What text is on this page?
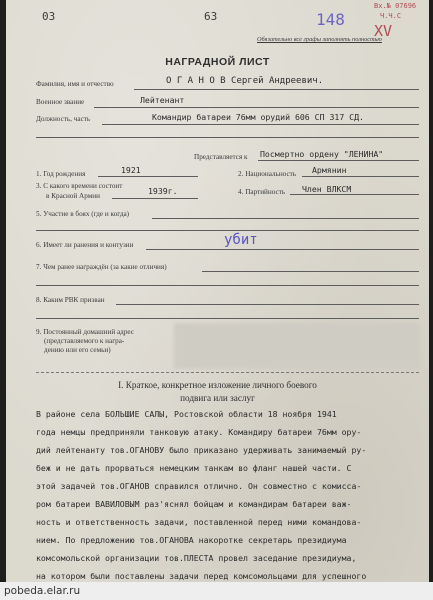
03	63
Обязательно все графы заполнять полностью
Вх.№ 07696
Ч.Ч.С
148
XV
НАГРАДНОЙ ЛИСТ
Фамилия, имя и отчество	О Г А Н О В Сергей Андреевич.
Военное звание	Лейтенант
Должность, часть	Командир батареи 76мм орудий 606 СП 317 СД.
Представляется к Посмертно ордену "ЛЕНИНА"
1. Год рождения	1921	2. Национальность Армянин
3. С какого времени состоит
в Красной Армии	1939г.	4. Партийность Член ВЛКСМ
5. Участие в боях (где и когда)
6. Имеет ли ранения и контузии	убит
7. Чем ранее награждён (за какие отличия)
8. Каким РВК призван
9. Постоянный домашний адрес
(представляемого к награ-
дению или его семьи)
I. Краткое, конкретное изложение личного боевого
подвига или заслуг
В районе села БОЛЬШИЕ САЛЫ, Ростовской области 18 ноября 1941
года немцы предприняли танковую атаку. Командиру батареи 76мм ору-
дий лейтенанту тов.ОГАНОВУ было приказано удерживать занимаемый ру-
беж и не дать прорваться немецким танкам во фланг нашей части. С
этой задачей тов.ОГАНОВ справился отлично. Он совместно с комисса-
ром батареи ВАВИЛОВЫМ раз'яснял бойцам и командирам батареи важ-
ность и ответственность задачи, поставленной перед ними командова-
нием. По предложению тов.ОГАНОВА накоротке секретарь президиума
комсомольской организации тов.ПЛЕСТА провел заседание президиума,
на котором были поставлены задачи перед комсомольцами для успешного
pobeda.elar.ru
